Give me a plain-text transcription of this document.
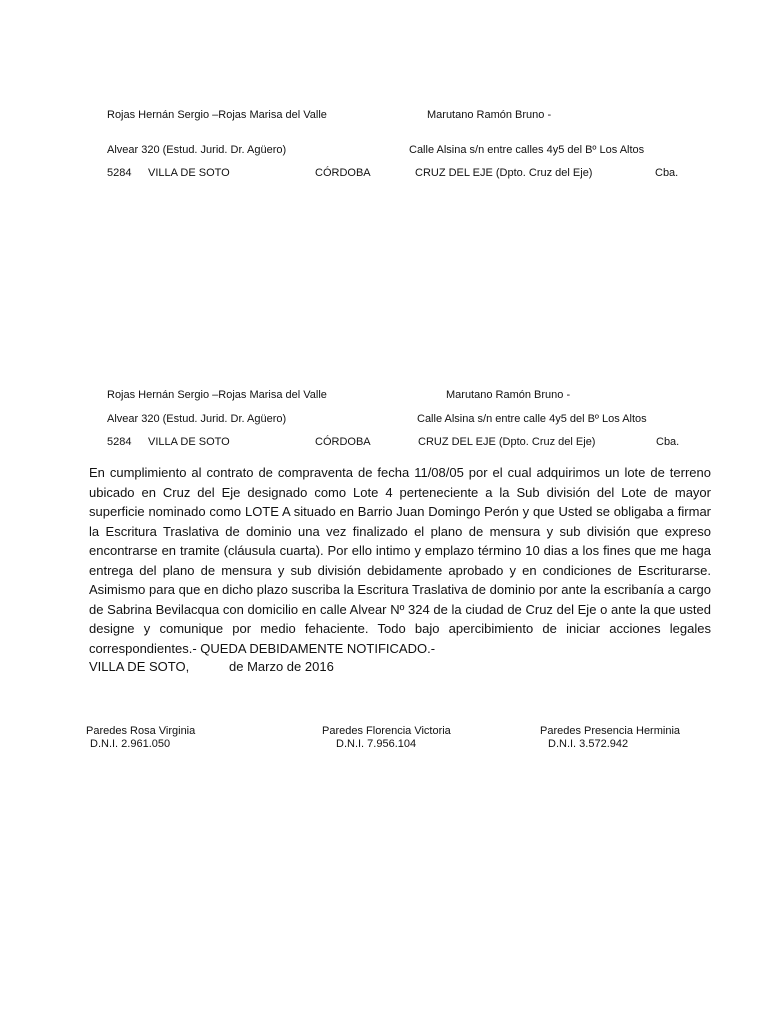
Rojas Hernán Sergio –Rojas Marisa del Valle	Marutano Ramón Bruno -
Alvear 320 (Estud. Jurid. Dr. Agüero)	Calle Alsina s/n entre calles 4y5 del Bº Los Altos
5284 VILLA DE SOTO	CÓRDOBA	CRUZ DEL EJE (Dpto. Cruz del Eje)	Cba.
Rojas Hernán Sergio –Rojas Marisa del Valle	Marutano Ramón Bruno -
Alvear 320 (Estud. Jurid. Dr. Agüero)	Calle Alsina s/n entre calle 4y5 del Bº Los Altos
5284 VILLA DE SOTO	CÓRDOBA	CRUZ DEL EJE (Dpto. Cruz del Eje)	Cba.

En cumplimiento al contrato de compraventa de fecha 11/08/05 por el cual adquirimos un lote de terreno ubicado en Cruz del Eje designado como Lote 4 perteneciente a la Sub división del Lote de mayor superficie nominado como LOTE A situado en Barrio Juan Domingo Perón y que Usted se obligaba a firmar la Escritura Traslativa de dominio una vez finalizado el plano de mensura y sub división que expreso encontrarse en tramite (cláusula cuarta). Por ello intimo y emplazo término 10 dias a los fines que me haga entrega del plano de mensura y sub división debidamente aprobado y en condiciones de Escriturarse. Asimismo para que en dicho plazo suscriba la Escritura Traslativa de dominio por ante la escribanía a cargo de Sabrina Bevilacqua con domicilio en calle Alvear Nº 324 de la ciudad de Cruz del Eje o ante la que usted designe y comunique por medio fehaciente. Todo bajo apercibimiento de iniciar acciones legales correspondientes.- QUEDA DEBIDAMENTE NOTIFICADO.-

VILLA DE SOTO,	de Marzo de 2016
Paredes Rosa Virginia
D.N.I. 2.961.050
Paredes Florencia Victoria
D.N.I. 7.956.104
Paredes Presencia Herminia
D.N.I. 3.572.942
